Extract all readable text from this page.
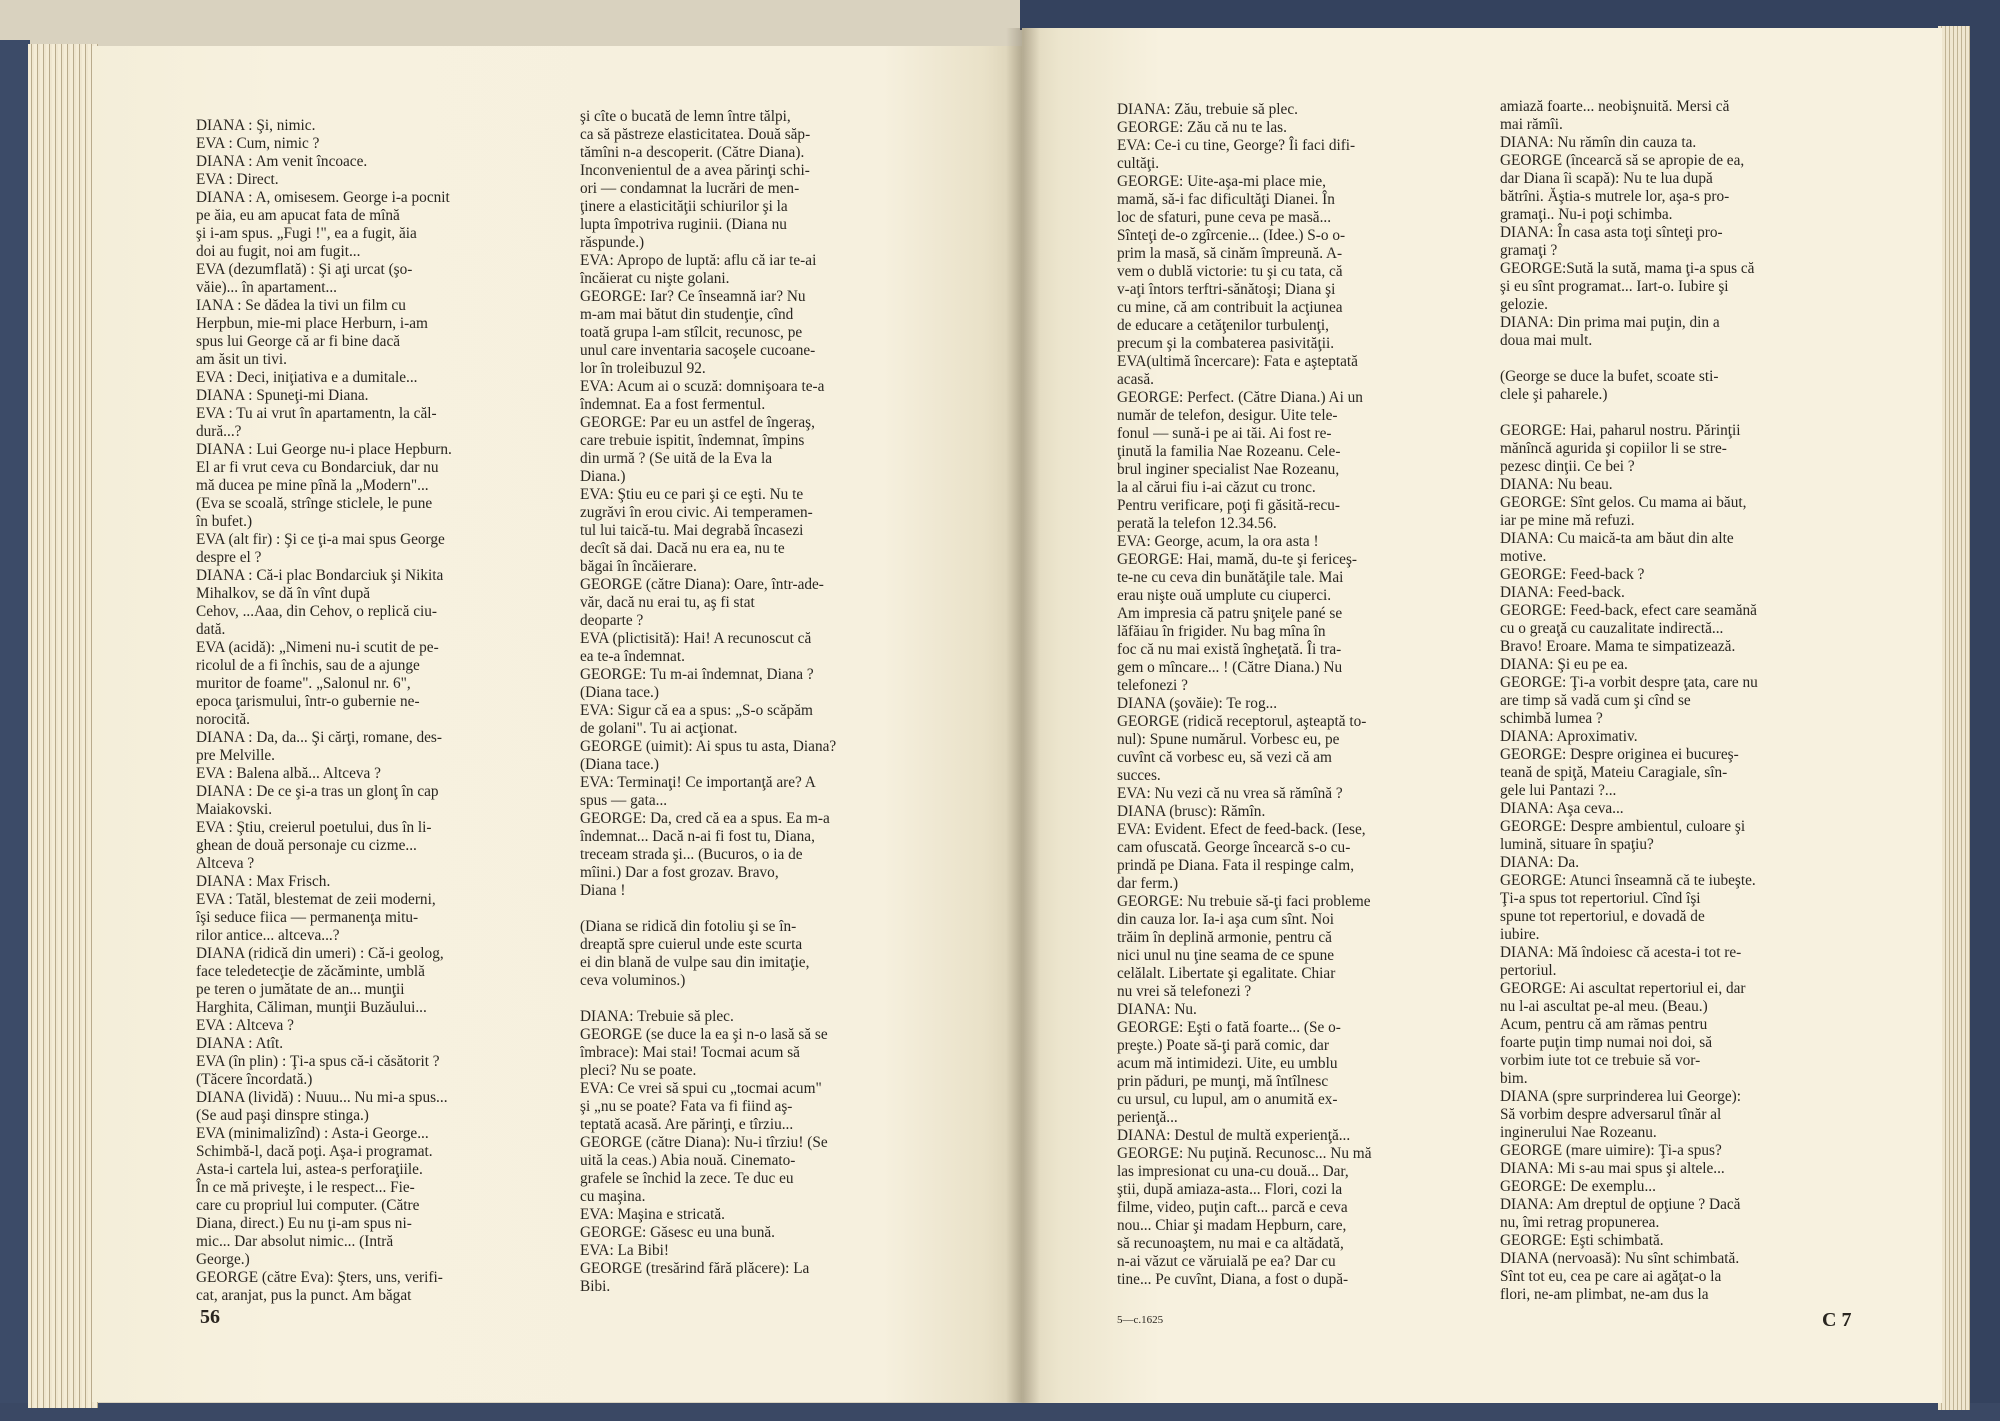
DIANA : Şi, nimic.
EVA : Cum, nimic ?
DIANA : Am venit încoace.
EVA : Direct.
DIANA : A, omisesem. George i-a pocnit
pe ăia, eu am apucat fata de mînă
şi i-am spus. „Fugi !", ea a fugit, ăia
doi au fugit, noi am fugit...
EVA (dezumflată) : Şi aţi urcat (şo-
văie)... în apartament...
IANA : Se dădea la tivi un film cu
Herpbun, mie-mi place Herburn, i-am
spus lui George că ar fi bine dacă
am ăsit un tivi.
EVA : Deci, iniţiativa e a dumitale...
DIANA : Spuneţi-mi Diana.
EVA : Tu ai vrut în apartamentn, la căl-
dură...?
DIANA : Lui George nu-i place Hepburn.
El ar fi vrut ceva cu Bondarciuk, dar nu
mă ducea pe mine pînă la „Modern"...
(Eva se scoală, strînge sticlele, le pune
în bufet.)
EVA (alt fir) : Şi ce ţi-a mai spus George
despre el ?
DIANA : Că-i plac Bondarciuk şi Nikita
Mihalkov, se dă în vînt după
Cehov, ...Aaa, din Cehov, o replică ciu-
dată.
EVA (acidă): „Nimeni nu-i scutit de pe-
ricolul de a fi închis, sau de a ajunge
muritor de foame". „Salonul nr. 6",
epoca ţarismului, într-o gubernie ne-
norocită.
DIANA : Da, da... Şi cărţi, romane, des-
pre Melville.
EVA : Balena albă... Altceva ?
DIANA : De ce şi-a tras un glonţ în cap
Maiakovski.
EVA : Ştiu, creierul poetului, dus în li-
ghean de două personaje cu cizme...
Altceva ?
DIANA : Max Frisch.
EVA : Tatăl, blestemat de zeii moderni,
îşi seduce fiica — permanenţa mitu-
rilor antice... altceva...?
DIANA (ridică din umeri) : Că-i geolog,
face teledetecţie de zăcăminte, umblă
pe teren o jumătate de an... munţii
Harghita, Căliman, munţii Buzăului...
EVA : Altceva ?
DIANA : Atît.
EVA (în plin) : Ţi-a spus că-i căsătorit ?
(Tăcere încordată.)
DIANA (lividă) : Nuuu... Nu mi-a spus...
(Se aud paşi dinspre stinga.)
EVA (minimalizînd) : Asta-i George...
Schimbă-l, dacă poţi. Aşa-i programat.
Asta-i cartela lui, astea-s perforaţiile.
În ce mă priveşte, i le respect... Fie-
care cu propriul lui computer. (Către
Diana, direct.) Eu nu ţi-am spus ni-
mic... Dar absolut nimic... (Intră
George.)
GEORGE (către Eva): Şters, uns, verifi-
cat, aranjat, pus la punct. Am băgat
şi cîte o bucată de lemn între tălpi,
ca să păstreze elasticitatea. Două săp-
tămîni n-a descoperit. (Către Diana).
Inconvenientul de a avea părinţi schi-
ori — condamnat la lucrări de men-
ţinere a elasticităţii schiurilor şi la
lupta împotriva ruginii. (Diana nu
răspunde.)
EVA: Apropo de luptă: aflu că iar te-ai
încăierat cu nişte golani.
GEORGE: Iar? Ce înseamnă iar? Nu
m-am mai bătut din studenţie, cînd
toată grupa l-am stîlcit, recunosc, pe
unul care inventaria sacoşele cucoane-
lor în troleibuzul 92.
EVA: Acum ai o scuză: domnişoara te-a
îndemnat. Ea a fost fermentul.
GEORGE: Par eu un astfel de îngeraş,
care trebuie ispitit, îndemnat, împins
din urmă ? (Se uită de la Eva la
Diana.)
EVA: Ştiu eu ce pari şi ce eşti. Nu te
zugrăvi în erou civic. Ai temperamen-
tul lui taică-tu. Mai degrabă încasezi
decît să dai. Dacă nu era ea, nu te
băgai în încăierare.
GEORGE (către Diana): Oare, într-ade-
văr, dacă nu erai tu, aş fi stat
deoparte ?
EVA (plictisită): Hai! A recunoscut că
ea te-a îndemnat.
GEORGE: Tu m-ai îndemnat, Diana ?
(Diana tace.)
EVA: Sigur că ea a spus: „S-o scăpăm
de golani". Tu ai acţionat.
GEORGE (uimit): Ai spus tu asta, Diana?
(Diana tace.)
EVA: Terminaţi! Ce importanţă are? A
spus — gata...
GEORGE: Da, cred că ea a spus. Ea m-a
îndemnat... Dacă n-ai fi fost tu, Diana,
treceam strada şi... (Bucuros, o ia de
mîini.) Dar a fost grozav. Bravo,
Diana !
(Diana se ridică din fotoliu şi se în-
dreaptă spre cuierul unde este scurta
ei din blană de vulpe sau din imitaţie,
ceva voluminos.)
DIANA: Trebuie să plec.
GEORGE (se duce la ea şi n-o lasă să se
îmbrace): Mai stai! Tocmai acum să
pleci? Nu se poate.
EVA: Ce vrei să spui cu „tocmai acum"
şi „nu se poate? Fata va fi fiind aş-
teptată acasă. Are părinţi, e tîrziu...
GEORGE (către Diana): Nu-i tîrziu! (Se
uită la ceas.) Abia nouă. Cinemato-
grafele se închid la zece. Te duc eu
cu maşina.
EVA: Maşina e stricată.
GEORGE: Găsesc eu una bună.
EVA: La Bibi!
GEORGE (tresărind fără plăcere): La
Bibi.
56
DIANA: Zău, trebuie să plec.
GEORGE: Zău că nu te las.
EVA: Ce-i cu tine, George? Îi faci difi-
cultăţi.
GEORGE: Uite-aşa-mi place mie,
mamă, să-i fac dificultăţi Dianei. În
loc de sfaturi, pune ceva pe masă...
Sînteţi de-o zgîrcenie... (Idee.) S-o o-
prim la masă, să cinăm împreună. A-
vem o dublă victorie: tu şi cu tata, că
v-aţi întors terftri-sănătoşi; Diana şi
cu mine, că am contribuit la acţiunea
de educare a cetăţenilor turbulenţi,
precum şi la combaterea pasivităţii.
EVA(ultimă încercare): Fata e aşteptată
acasă.
GEORGE: Perfect. (Către Diana.) Ai un
număr de telefon, desigur. Uite tele-
fonul — sună-i pe ai tăi. Ai fost re-
ţinută la familia Nae Rozeanu. Cele-
brul inginer specialist Nae Rozeanu,
la al cărui fiu i-ai căzut cu tronc.
Pentru verificare, poţi fi găsită-recu-
perată la telefon 12.34.56.
EVA: George, acum, la ora asta !
GEORGE: Hai, mamă, du-te şi fericeş-
te-ne cu ceva din bunătăţile tale. Mai
erau nişte ouă umplute cu ciuperci.
Am impresia că patru şniţele pané se
lăfăiau în frigider. Nu bag mîna în
foc că nu mai există îngheţată. Îi tra-
gem o mîncare... ! (Către Diana.) Nu
telefonezi ?
DIANA (şovăie): Te rog...
GEORGE (ridică receptorul, aşteaptă to-
nul): Spune numărul. Vorbesc eu, pe
cuvînt că vorbesc eu, să vezi că am
succes.
EVA: Nu vezi că nu vrea să rămînă ?
DIANA (brusc): Rămîn.
EVA: Evident. Efect de feed-back. (Iese,
cam ofuscată. George încearcă s-o cu-
prindă pe Diana. Fata il respinge calm,
dar ferm.)
GEORGE: Nu trebuie să-ţi faci probleme
din cauza lor. Ia-i aşa cum sînt. Noi
trăim în deplină armonie, pentru că
nici unul nu ţine seama de ce spune
celălalt. Libertate şi egalitate. Chiar
nu vrei să telefonezi ?
DIANA: Nu.
GEORGE: Eşti o fată foarte... (Se o-
preşte.) Poate să-ţi pară comic, dar
acum mă intimidezi. Uite, eu umblu
prin păduri, pe munţi, mă întîlnesc
cu ursul, cu lupul, am o anumită ex-
perienţă...
DIANA: Destul de multă experienţă...
GEORGE: Nu puţină. Recunosc... Nu mă
las impresionat cu una-cu două... Dar,
ştii, după amiaza-asta... Flori, cozi la
filme, video, puţin caft... parcă e ceva
nou... Chiar şi madam Hepburn, care,
să recunoaştem, nu mai e ca altădată,
n-ai văzut ce văruială pe ea? Dar cu
tine... Pe cuvînt, Diana, a fost o după-
amiază foarte... neobişnuită. Mersi că
mai rămîi.
DIANA: Nu rămîn din cauza ta.
GEORGE (încearcă să se apropie de ea,
dar Diana îi scapă): Nu te lua după
bătrîni. Ăştia-s mutrele lor, aşa-s pro-
gramaţi.. Nu-i poţi schimba.
DIANA: În casa asta toţi sînteţi pro-
gramaţi ?
GEORGE:Sută la sută, mama ţi-a spus că
şi eu sînt programat... Iart-o. Iubire şi
gelozie.
DIANA: Din prima mai puţin, din a
doua mai mult.
(George se duce la bufet, scoate sti-
clele şi paharele.)
GEORGE: Hai, paharul nostru. Părinţii
mănîncă agurida şi copiilor li se stre-
pezesc dinţii. Ce bei ?
DIANA: Nu beau.
GEORGE: Sînt gelos. Cu mama ai băut,
iar pe mine mă refuzi.
DIANA: Cu maică-ta am băut din alte
motive.
GEORGE: Feed-back ?
DIANA: Feed-back.
GEORGE: Feed-back, efect care seamănă
cu o greaţă cu cauzalitate indirectă...
Bravo! Eroare. Mama te simpatizează.
DIANA: Şi eu pe ea.
GEORGE: Ţi-a vorbit despre ţata, care nu
are timp să vadă cum şi cînd se
schimbă lumea ?
DIANA: Aproximativ.
GEORGE: Despre originea ei bucureş-
teană de spiţă, Mateiu Caragiale, sîn-
gele lui Pantazi ?...
DIANA: Aşa ceva...
GEORGE: Despre ambientul, culoare şi
lumină, situare în spaţiu?
DIANA: Da.
GEORGE: Atunci înseamnă că te iubeşte.
Ţi-a spus tot repertoriul. Cînd îşi
spune tot repertoriul, e dovadă de
iubire.
DIANA: Mă îndoiesc că acesta-i tot re-
pertoriul.
GEORGE: Ai ascultat repertoriul ei, dar
nu l-ai ascultat pe-al meu. (Beau.)
Acum, pentru că am rămas pentru
foarte puţin timp numai noi doi, să
vorbim iute tot ce trebuie să vor-
bim.
DIANA (spre surprinderea lui George):
Să vorbim despre adversarul tînăr al
inginerului Nae Rozeanu.
GEORGE (mare uimire): Ţi-a spus?
DIANA: Mi s-au mai spus şi altele...
GEORGE: De exemplu...
DIANA: Am dreptul de opţiune ? Dacă
nu, îmi retrag propunerea.
GEORGE: Eşti schimbată.
DIANA (nervoasă): Nu sînt schimbată.
Sînt tot eu, cea pe care ai agăţat-o la
flori, ne-am plimbat, ne-am dus la
5—c.1625	C 7
